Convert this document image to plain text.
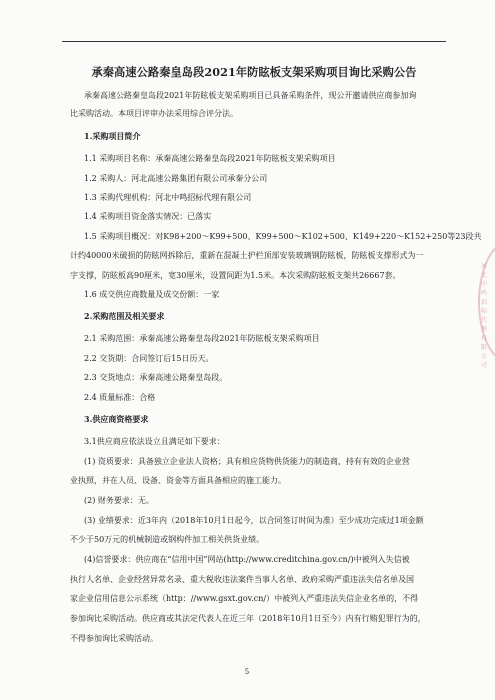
承秦高速公路秦皇岛段2021年防眩板支架采购项目询比采购公告
承秦高速公路秦皇岛段2021年防眩板支架采购项目已具备采购条件，现公开邀请供应商参加询
比采购活动。本项目评审办法采用综合评分法。
1.采购项目简介
1.1 采购项目名称：承秦高速公路秦皇岛段2021年防眩板支架采购项目
1.2 采购人：河北高速公路集团有限公司承秦分公司
1.3 采购代理机构：河北中鸣招标代理有限公司
1.4 采购项目资金落实情况：已落实
1.5 采购项目概况：对K98+200～K99+500、K99+500～K102+500、K149+220～K152+250等23段共
计约40000米破损的防眩网拆除后，重新在混凝土护栏顶部安装玻璃钢防眩板，防眩板支撑形式为一
字支撑，防眩板高90厘米，宽30厘米，设置间距为1.5米。本次采购防眩板支架共26667套。
1.6 成交供应商数量及成交份额：一家
2.采购范围及相关要求
2.1 采购范围：承秦高速公路秦皇岛段2021年防眩板支架采购项目
2.2 交货期：合同签订后15日历天。
2.3 交货地点：承秦高速公路秦皇岛段。
2.4 质量标准：合格
3.供应商资格要求
3.1供应商应依法设立且满足如下要求：
(1) 资质要求：具备独立企业法人资格；具有相应货物供货能力的制造商，持有有效的企业营
业执照，并在人员、设备、资金等方面具备相应的施工能力。
(2) 财务要求：无。
(3) 业绩要求：近3年内（2018年10月1日起今，以合同签订时间为准）至少成功完成过1项金额
不少于50万元的机械制造或钢构件加工相关供货业绩。
(4)信誉要求：供应商在“信用中国”网站(http://www.creditchina.gov.cn/)中被列入失信被
执行人名单、企业经营异常名录、重大税收违法案件当事人名单、政府采购严重违法失信名单及国
家企业信用信息公示系统（http：//www.gsxt.gov.cn/）中被列入严重违法失信企业名单的，不得
参加询比采购活动。供应商或其法定代表人在近三年（2018年10月1日至今）内有行贿犯罪行为的，
不得参加询比采购活动。
5
河北中鸣招标代理有限公司
